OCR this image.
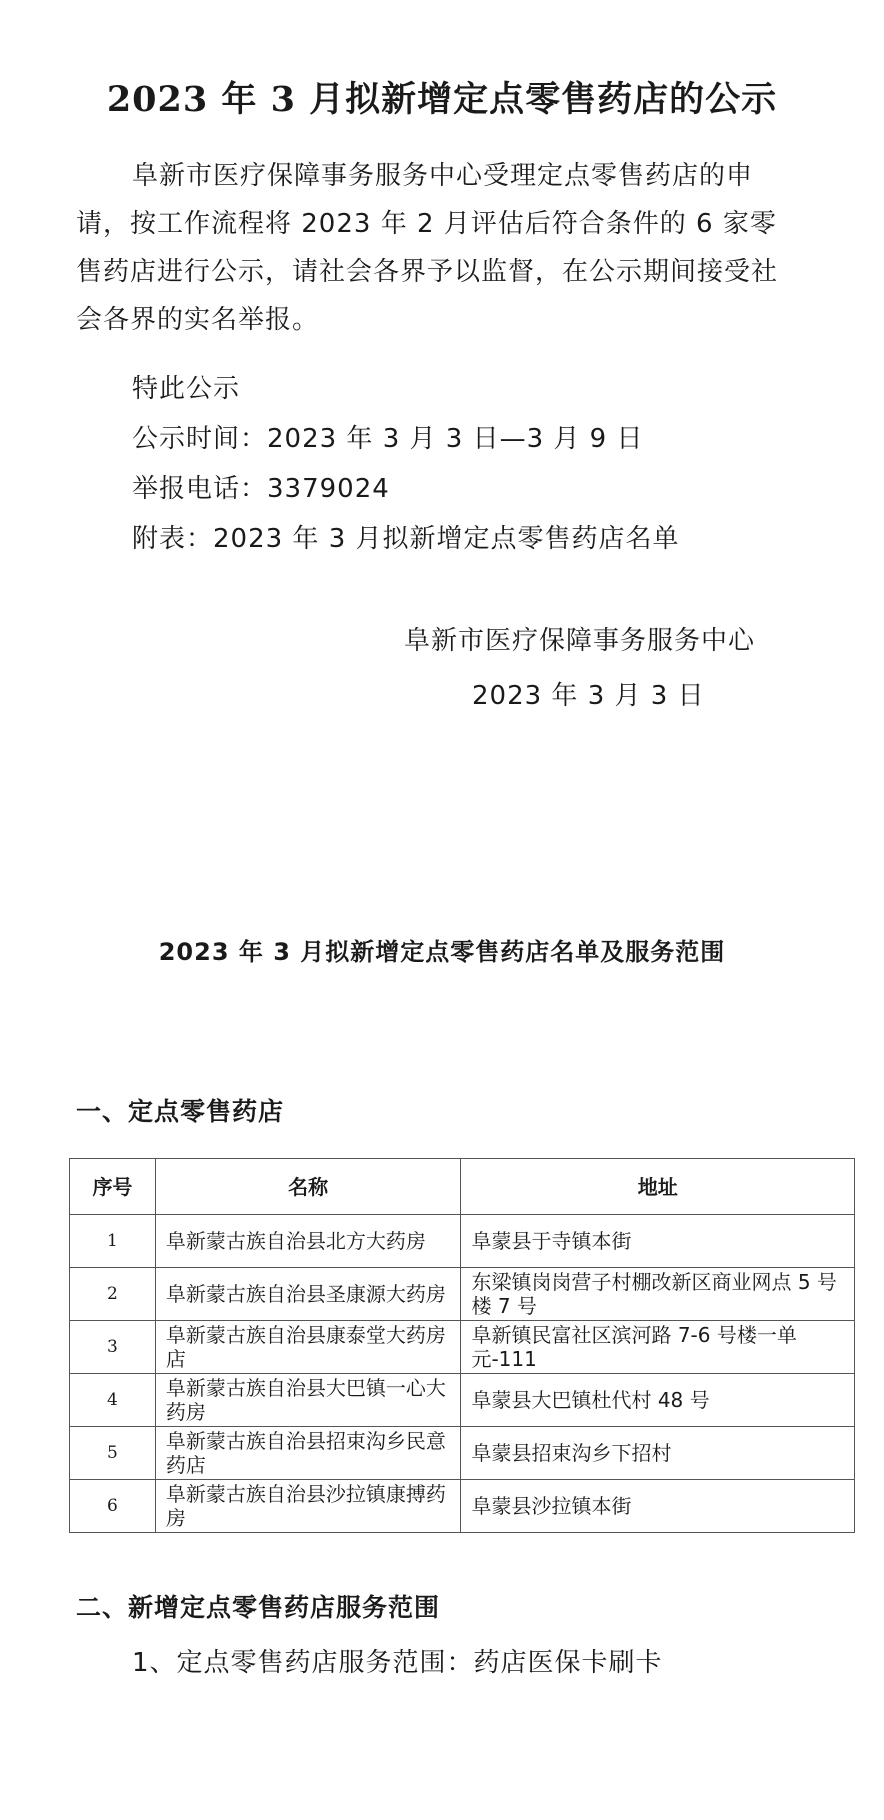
2023 年 3 月拟新增定点零售药店的公示

阜新市医疗保障事务服务中心受理定点零售药店的申请，按工作流程将 2023 年 2 月评估后符合条件的 6 家零售药店进行公示，请社会各界予以监督，在公示期间接受社会各界的实名举报。

特此公示

公示时间：2023 年 3 月 3 日—3 月 9 日

举报电话：3379024

附表：2023 年 3 月拟新增定点零售药店名单

阜新市医疗保障事务服务中心

2023 年 3 月 3 日

2023 年 3 月拟新增定点零售药店名单及服务范围

一、定点零售药店

序号	名称	地址
1	阜新蒙古族自治县北方大药房	阜蒙县于寺镇本街
2	阜新蒙古族自治县圣康源大药房	东梁镇岗岗营子村棚改新区商业网点 5 号楼 7 号
3	阜新蒙古族自治县康泰堂大药房店	阜新镇民富社区滨河路 7-6 号楼一单元-111
4	阜新蒙古族自治县大巴镇一心大药房	阜蒙县大巴镇杜代村 48 号
5	阜新蒙古族自治县招束沟乡民意药店	阜蒙县招束沟乡下招村
6	阜新蒙古族自治县沙拉镇康搏药房	阜蒙县沙拉镇本街

二、新增定点零售药店服务范围

1、定点零售药店服务范围：药店医保卡刷卡
